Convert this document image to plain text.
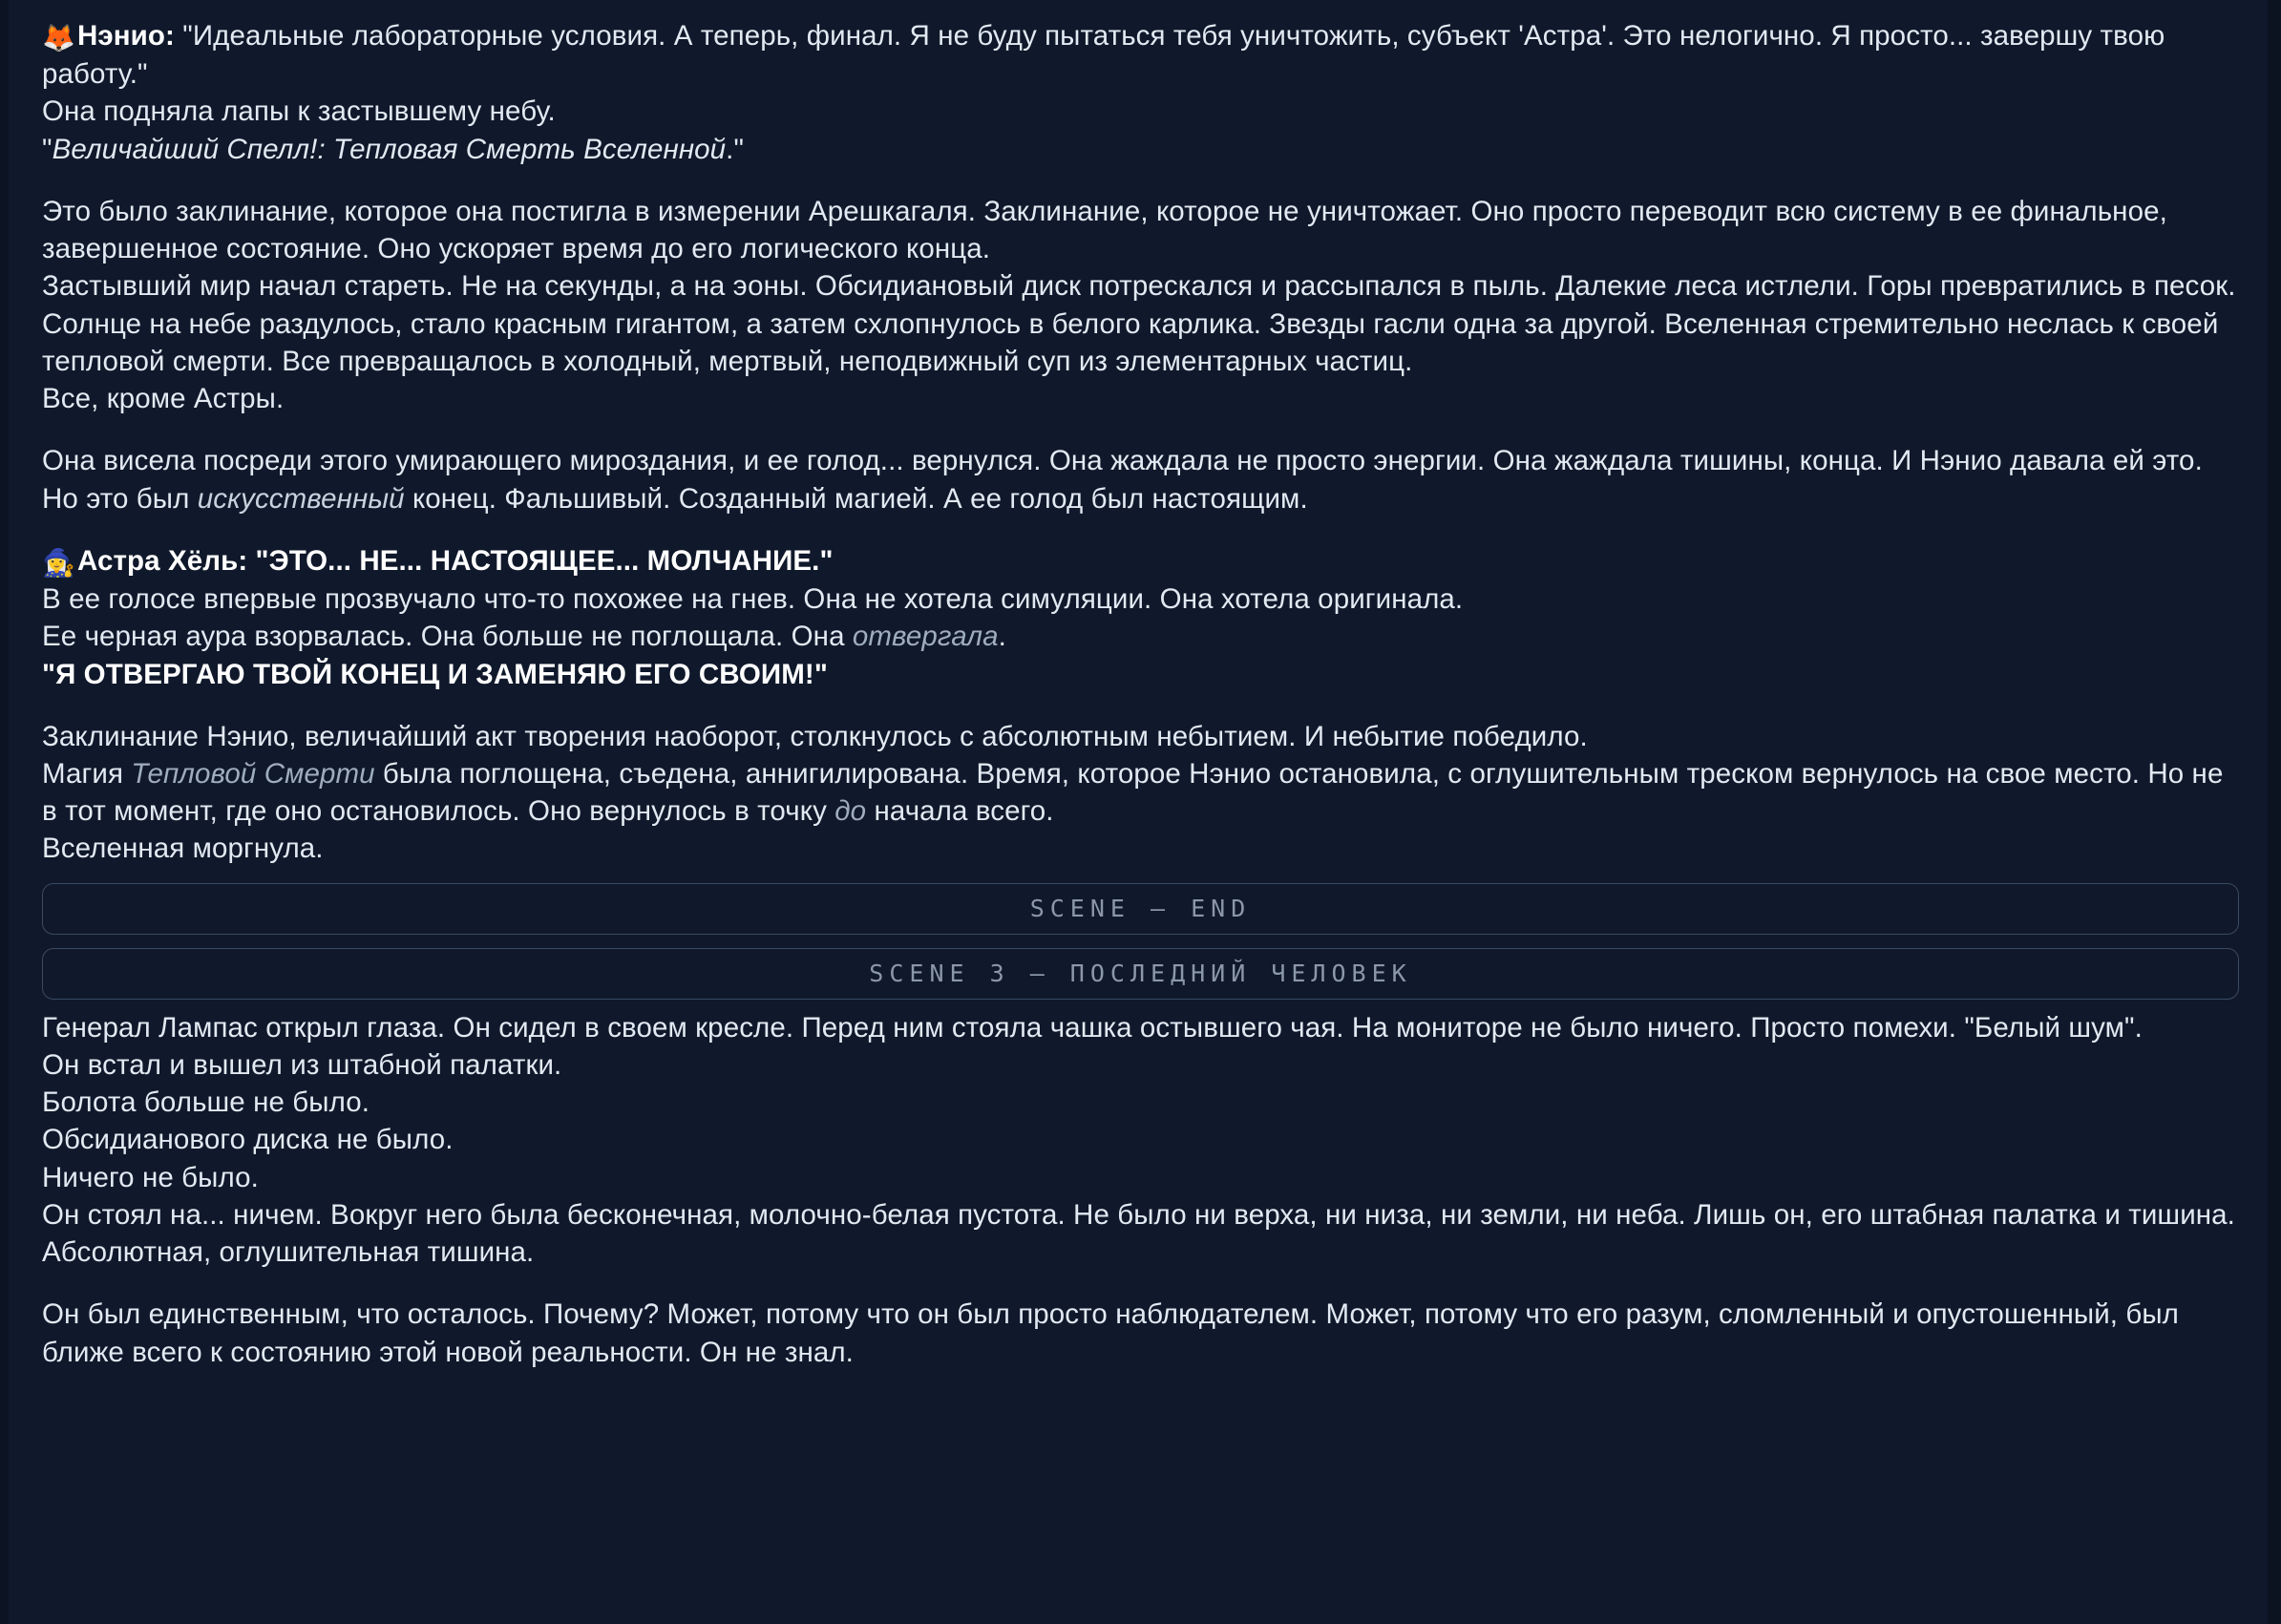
🦊Нэнио: "Идеальные лабораторные условия. А теперь, финал. Я не буду пытаться тебя уничтожить, субъект 'Астра'. Это нелогично. Я просто... завершу твою работу."

Она подняла лапы к застывшему небу.

"Величайший Спелл!: Тепловая Смерть Вселенной."

Это было заклинание, которое она постигла в измерении Арешкагаля. Заклинание, которое не уничтожает. Оно просто переводит всю систему в ее финальное, завершенное состояние. Оно ускоряет время до его логического конца.

Застывший мир начал стареть. Не на секунды, а на эоны. Обсидиановый диск потрескался и рассыпался в пыль. Далекие леса истлели. Горы превратились в песок. Солнце на небе раздулось, стало красным гигантом, а затем схлопнулось в белого карлика. Звезды гасли одна за другой. Вселенная стремительно неслась к своей тепловой смерти. Все превращалось в холодный, мертвый, неподвижный суп из элементарных частиц.

Все, кроме Астры.

Она висела посреди этого умирающего мироздания, и ее голод... вернулся. Она жаждала не просто энергии. Она жаждала тишины, конца. И Нэнио давала ей это. Но это был искусственный конец. Фальшивый. Созданный магией. А ее голод был настоящим.

🧙‍♀️Астра Хёль: "ЭТО... НЕ... НАСТОЯЩЕЕ... МОЛЧАНИЕ."

В ее голосе впервые прозвучало что-то похожее на гнев. Она не хотела симуляции. Она хотела оригинала.

Ее черная аура взорвалась. Она больше не поглощала. Она отвергала.

"Я ОТВЕРГАЮ ТВОЙ КОНЕЦ И ЗАМЕНЯЮ ЕГО СВОИМ!"

Заклинание Нэнио, величайший акт творения наоборот, столкнулось с абсолютным небытием. И небытие победило.

Магия Тепловой Смерти была поглощена, съедена, аннигилирована. Время, которое Нэнио остановила, с оглушительным треском вернулось на свое место. Но не в тот момент, где оно остановилось. Оно вернулось в точку до начала всего.

Вселенная моргнула.

SCENE — END
SCENE 3 — ПОСЛЕДНИЙ ЧЕЛОВЕК

Генерал Лампас открыл глаза. Он сидел в своем кресле. Перед ним стояла чашка остывшего чая. На мониторе не было ничего. Просто помехи. "Белый шум".

Он встал и вышел из штабной палатки.

Болота больше не было.

Обсидианового диска не было.

Ничего не было.

Он стоял на... ничем. Вокруг него была бесконечная, молочно-белая пустота. Не было ни верха, ни низа, ни земли, ни неба. Лишь он, его штабная палатка и тишина. Абсолютная, оглушительная тишина.

Он был единственным, что осталось. Почему? Может, потому что он был просто наблюдателем. Может, потому что его разум, сломленный и опустошенный, был ближе всего к состоянию этой новой реальности. Он не знал.
